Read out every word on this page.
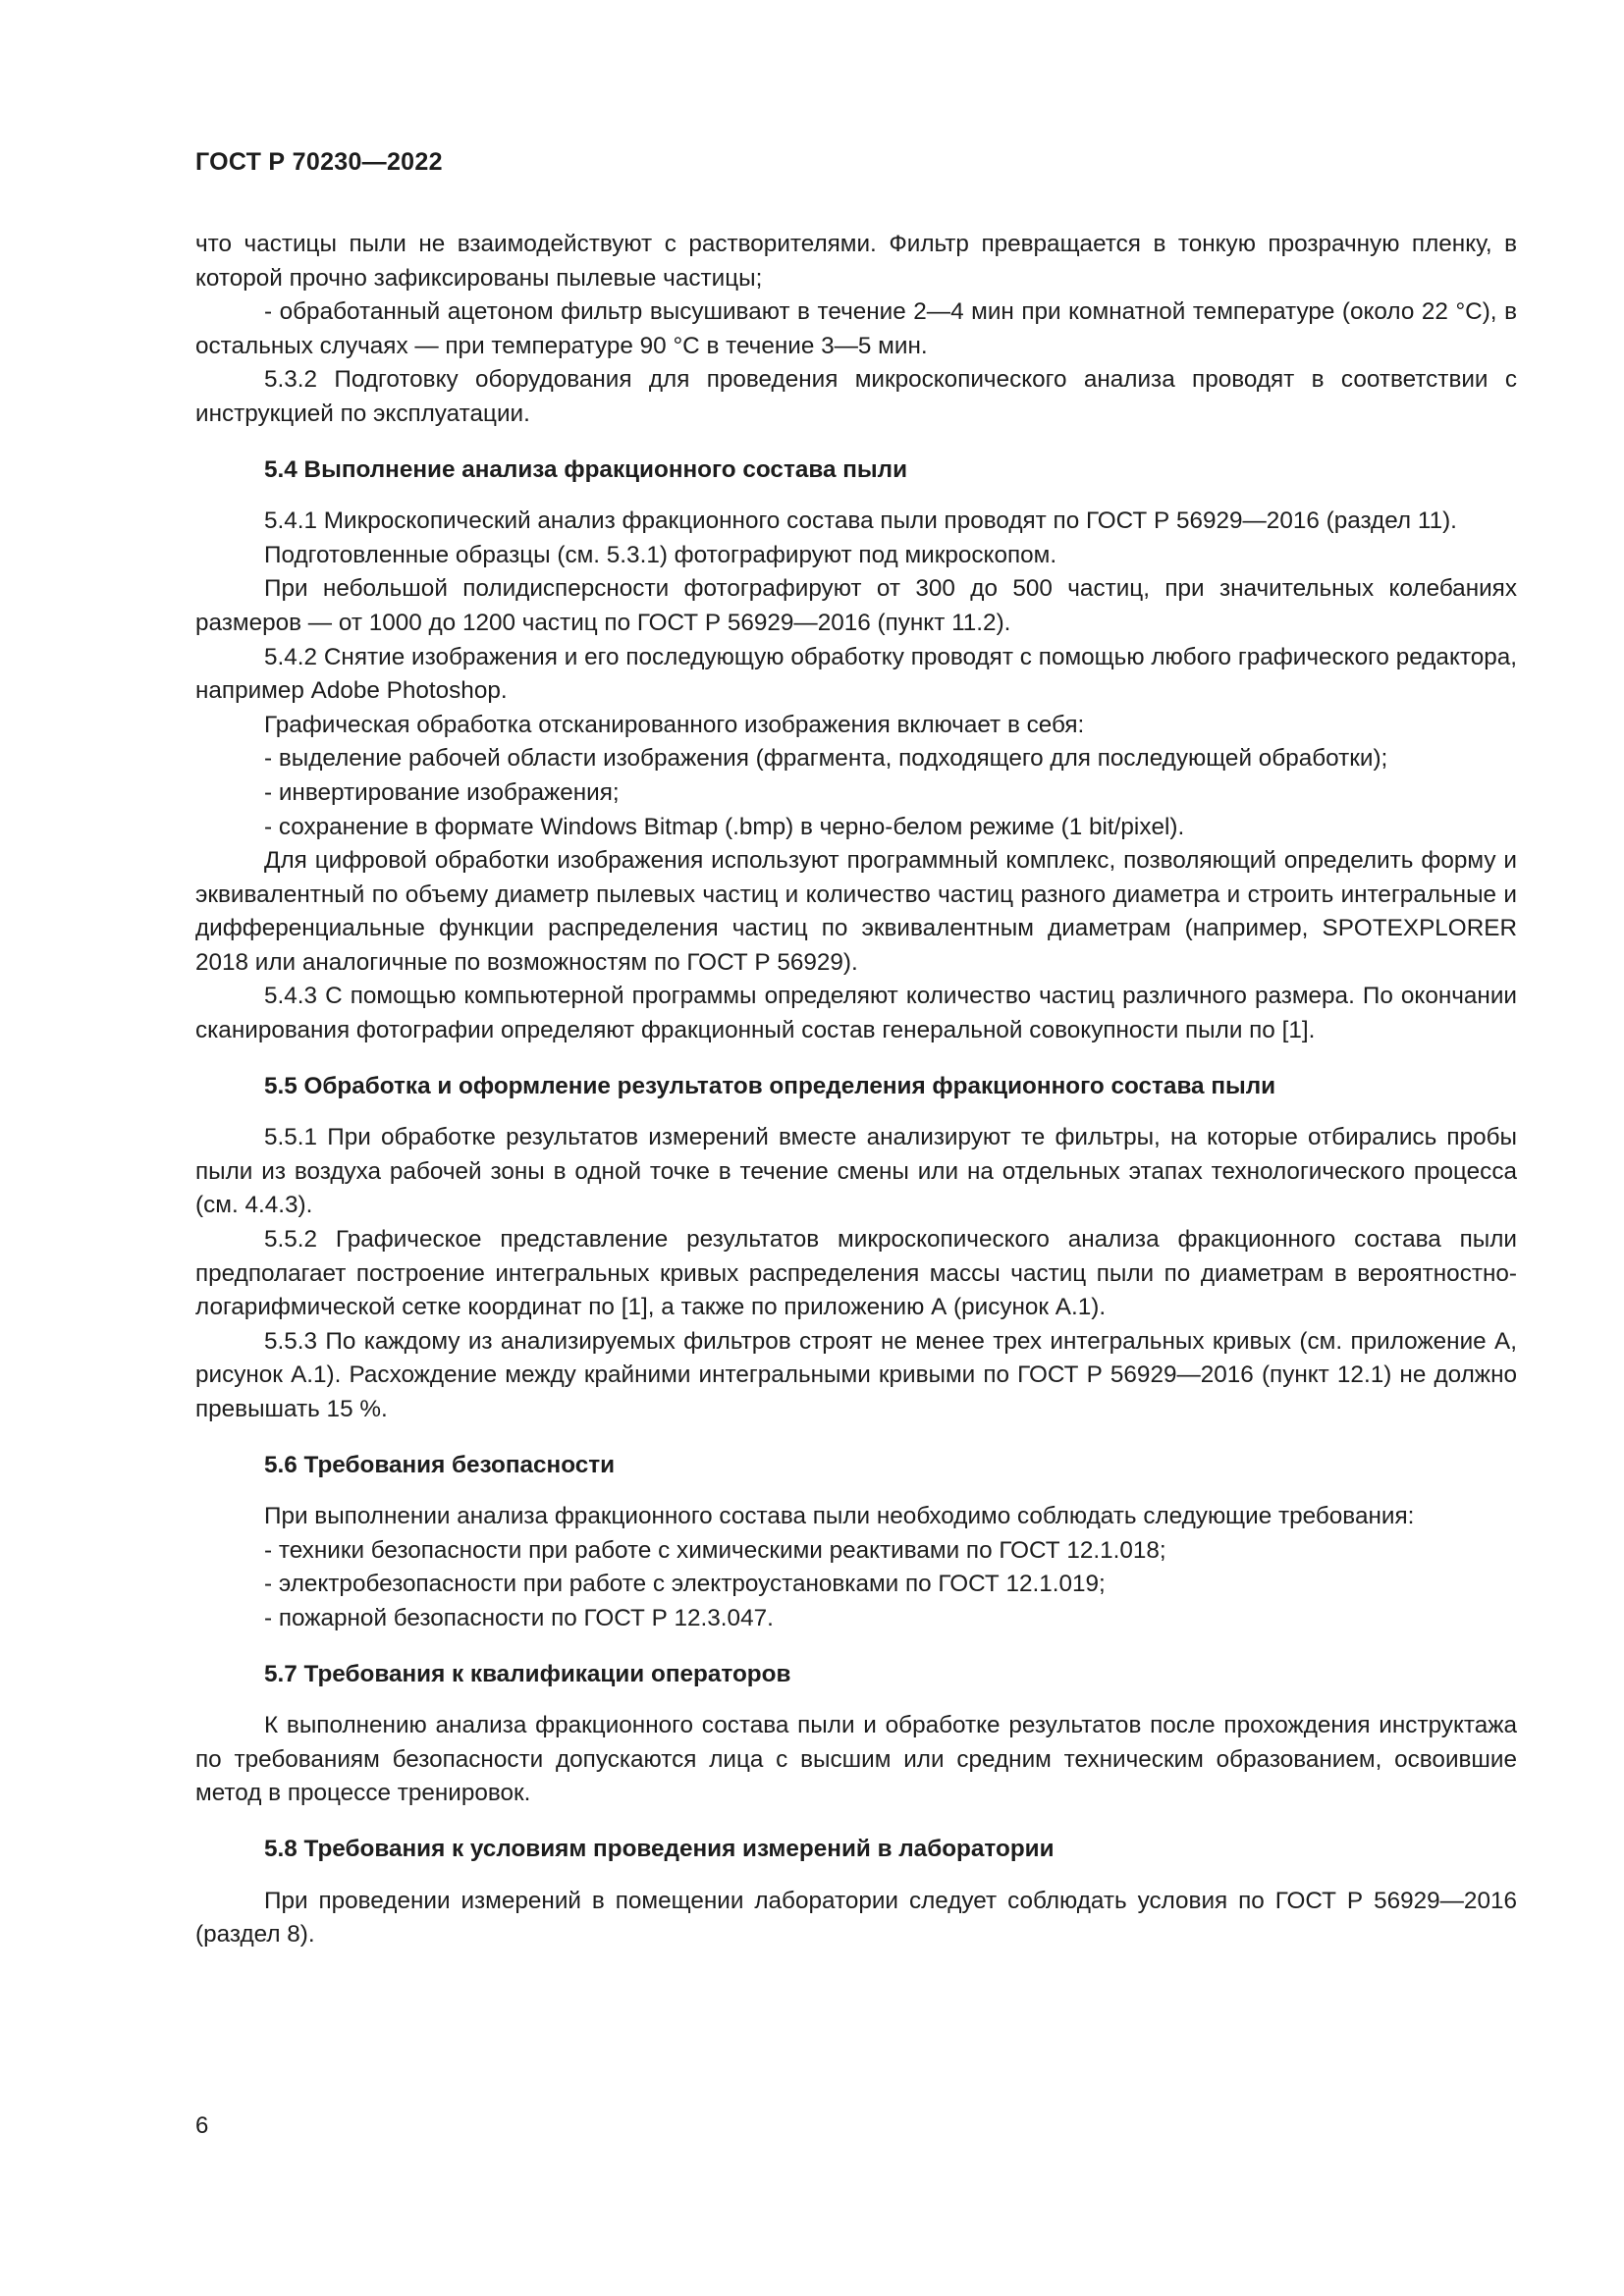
ГОСТ Р 70230—2022
что частицы пыли не взаимодействуют с растворителями. Фильтр превращается в тонкую прозрачную пленку, в которой прочно зафиксированы пылевые частицы;
- обработанный ацетоном фильтр высушивают в течение 2—4 мин при комнатной температуре (около 22 °С), в остальных случаях — при температуре 90 °С в течение 3—5 мин.
5.3.2 Подготовку оборудования для проведения микроскопического анализа проводят в соответствии с инструкцией по эксплуатации.
5.4 Выполнение анализа фракционного состава пыли
5.4.1 Микроскопический анализ фракционного состава пыли проводят по ГОСТ Р 56929—2016 (раздел 11).
Подготовленные образцы (см. 5.3.1) фотографируют под микроскопом.
При небольшой полидисперсности фотографируют от 300 до 500 частиц, при значительных колебаниях размеров — от 1000 до 1200 частиц по ГОСТ Р 56929—2016 (пункт 11.2).
5.4.2 Снятие изображения и его последующую обработку проводят с помощью любого графического редактора, например Adobe Photoshop.
Графическая обработка отсканированного изображения включает в себя:
- выделение рабочей области изображения (фрагмента, подходящего для последующей обработки);
- инвертирование изображения;
- сохранение в формате Windows Bitmap (.bmp) в черно-белом режиме (1 bit/pixel).
Для цифровой обработки изображения используют программный комплекс, позволяющий определить форму и эквивалентный по объему диаметр пылевых частиц и количество частиц разного диаметра и строить интегральные и дифференциальные функции распределения частиц по эквивалентным диаметрам (например, SPOTEXPLORER 2018 или аналогичные по возможностям по ГОСТ Р 56929).
5.4.3 С помощью компьютерной программы определяют количество частиц различного размера. По окончании сканирования фотографии определяют фракционный состав генеральной совокупности пыли по [1].
5.5 Обработка и оформление результатов определения фракционного состава пыли
5.5.1 При обработке результатов измерений вместе анализируют те фильтры, на которые отбирались пробы пыли из воздуха рабочей зоны в одной точке в течение смены или на отдельных этапах технологического процесса (см. 4.4.3).
5.5.2 Графическое представление результатов микроскопического анализа фракционного состава пыли предполагает построение интегральных кривых распределения массы частиц пыли по диаметрам в вероятностно-логарифмической сетке координат по [1], а также по приложению А (рисунок А.1).
5.5.3 По каждому из анализируемых фильтров строят не менее трех интегральных кривых (см. приложение А, рисунок А.1). Расхождение между крайними интегральными кривыми по ГОСТ Р 56929—2016 (пункт 12.1) не должно превышать 15 %.
5.6 Требования безопасности
При выполнении анализа фракционного состава пыли необходимо соблюдать следующие требования:
- техники безопасности при работе с химическими реактивами по ГОСТ 12.1.018;
- электробезопасности при работе с электроустановками по ГОСТ 12.1.019;
- пожарной безопасности по ГОСТ Р 12.3.047.
5.7 Требования к квалификации операторов
К выполнению анализа фракционного состава пыли и обработке результатов после прохождения инструктажа по требованиям безопасности допускаются лица с высшим или средним техническим образованием, освоившие метод в процессе тренировок.
5.8 Требования к условиям проведения измерений в лаборатории
При проведении измерений в помещении лаборатории следует соблюдать условия по ГОСТ Р 56929—2016 (раздел 8).
6
